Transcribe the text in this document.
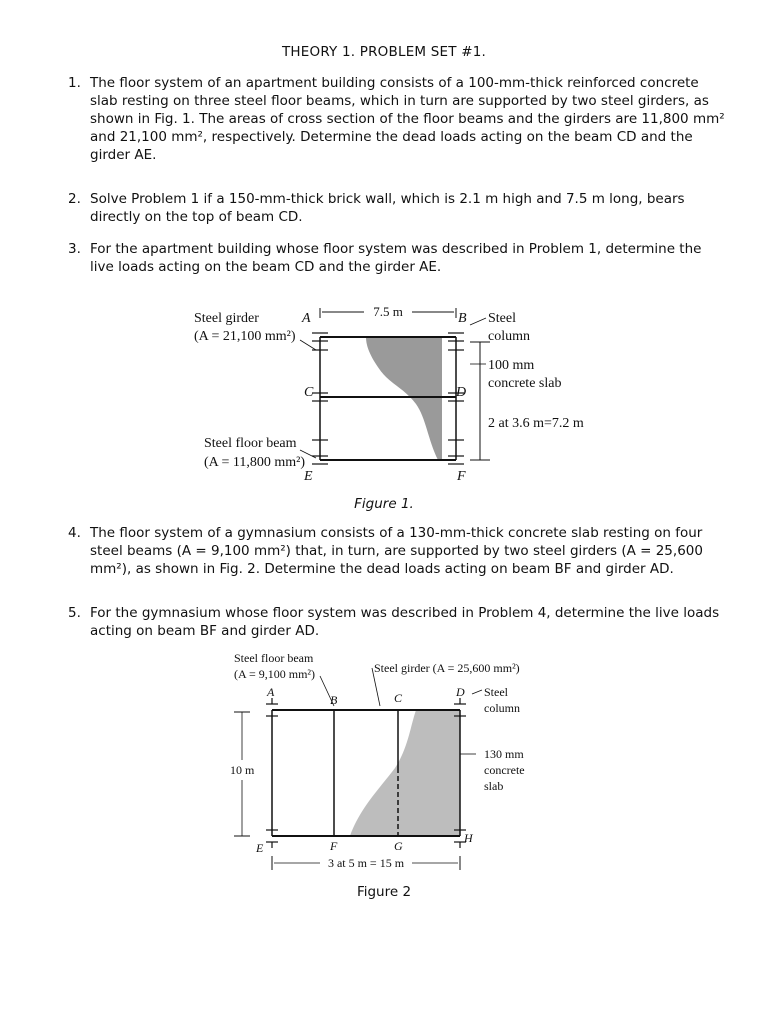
THEORY 1. PROBLEM SET #1.
1. The floor system of an apartment building consists of a 100-mm-thick reinforced concrete slab resting on three steel floor beams, which in turn are supported by two steel girders, as shown in Fig. 1. The areas of cross section of the floor beams and the girders are 11,800 mm² and 21,100 mm², respectively. Determine the dead loads acting on the beam CD and the girder AE.
2. Solve Problem 1 if a 150-mm-thick brick wall, which is 2.1 m high and 7.5 m long, bears directly on the top of beam CD.
3. For the apartment building whose floor system was described in Problem 1, determine the live loads acting on the beam CD and the girder AE.
7.5 m
Steel girder
(A = 21,100 mm²)
A	B
C	D
E	F
Steel
column
100 mm
concrete slab
2 at 3.6 m=7.2 m
Steel floor beam
(A = 11,800 mm²)
Figure 1.
4. The floor system of a gymnasium consists of a 130-mm-thick concrete slab resting on four steel beams (A = 9,100 mm²) that, in turn, are supported by two steel girders (A = 25,600 mm²), as shown in Fig. 2. Determine the dead loads acting on beam BF and girder AD.
5. For the gymnasium whose floor system was described in Problem 4, determine the live loads acting on beam BF and girder AD.
Steel floor beam
(A = 9,100 mm²)	Steel girder (A = 25,600 mm²)
A
B	C	D
E	F	G
H
Steel
column
130 mm
concrete
slab
10 m
3 at 5 m = 15 m
Figure 2
